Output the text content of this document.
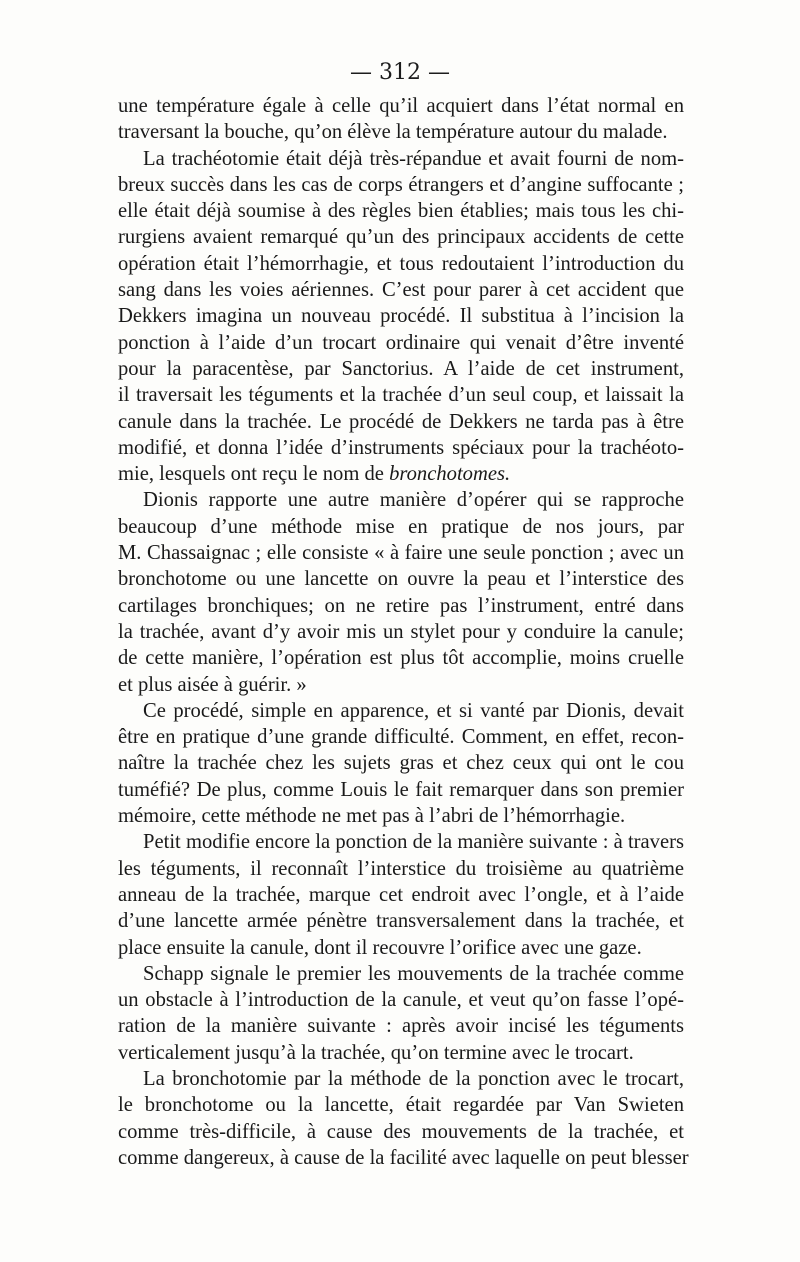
— 312 —
une température égale à celle qu’il acquiert dans l’état normal en
traversant la bouche, qu’on élève la température autour du malade.
La trachéotomie était déjà très-répandue et avait fourni de nom-
breux succès dans les cas de corps étrangers et d’angine suffocante ;
elle était déjà soumise à des règles bien établies; mais tous les chi-
rurgiens avaient remarqué qu’un des principaux accidents de cette
opération était l’hémorrhagie, et tous redoutaient l’introduction du
sang dans les voies aériennes. C’est pour parer à cet accident que
Dekkers imagina un nouveau procédé. Il substitua à l’incision la
ponction à l’aide d’un trocart ordinaire qui venait d’être inventé
pour la paracentèse, par Sanctorius. A l’aide de cet instrument,
il traversait les téguments et la trachée d’un seul coup, et laissait la
canule dans la trachée. Le procédé de Dekkers ne tarda pas à être
modifié, et donna l’idée d’instruments spéciaux pour la trachéoto-
mie, lesquels ont reçu le nom de bronchotomes.
Dionis rapporte une autre manière d’opérer qui se rapproche
beaucoup d’une méthode mise en pratique de nos jours, par
M. Chassaignac ; elle consiste « à faire une seule ponction ; avec un
bronchotome ou une lancette on ouvre la peau et l’interstice des
cartilages bronchiques; on ne retire pas l’instrument, entré dans
la trachée, avant d’y avoir mis un stylet pour y conduire la canule;
de cette manière, l’opération est plus tôt accomplie, moins cruelle
et plus aisée à guérir. »
Ce procédé, simple en apparence, et si vanté par Dionis, devait
être en pratique d’une grande difficulté. Comment, en effet, recon-
naître la trachée chez les sujets gras et chez ceux qui ont le cou
tuméfié? De plus, comme Louis le fait remarquer dans son premier
mémoire, cette méthode ne met pas à l’abri de l’hémorrhagie.
Petit modifie encore la ponction de la manière suivante : à travers
les téguments, il reconnaît l’interstice du troisième au quatrième
anneau de la trachée, marque cet endroit avec l’ongle, et à l’aide
d’une lancette armée pénètre transversalement dans la trachée, et
place ensuite la canule, dont il recouvre l’orifice avec une gaze.
Schapp signale le premier les mouvements de la trachée comme
un obstacle à l’introduction de la canule, et veut qu’on fasse l’opé-
ration de la manière suivante : après avoir incisé les téguments
verticalement jusqu’à la trachée, qu’on termine avec le trocart.
La bronchotomie par la méthode de la ponction avec le trocart,
le bronchotome ou la lancette, était regardée par Van Swieten
comme très-difficile, à cause des mouvements de la trachée, et
comme dangereux, à cause de la facilité avec laquelle on peut blesser
